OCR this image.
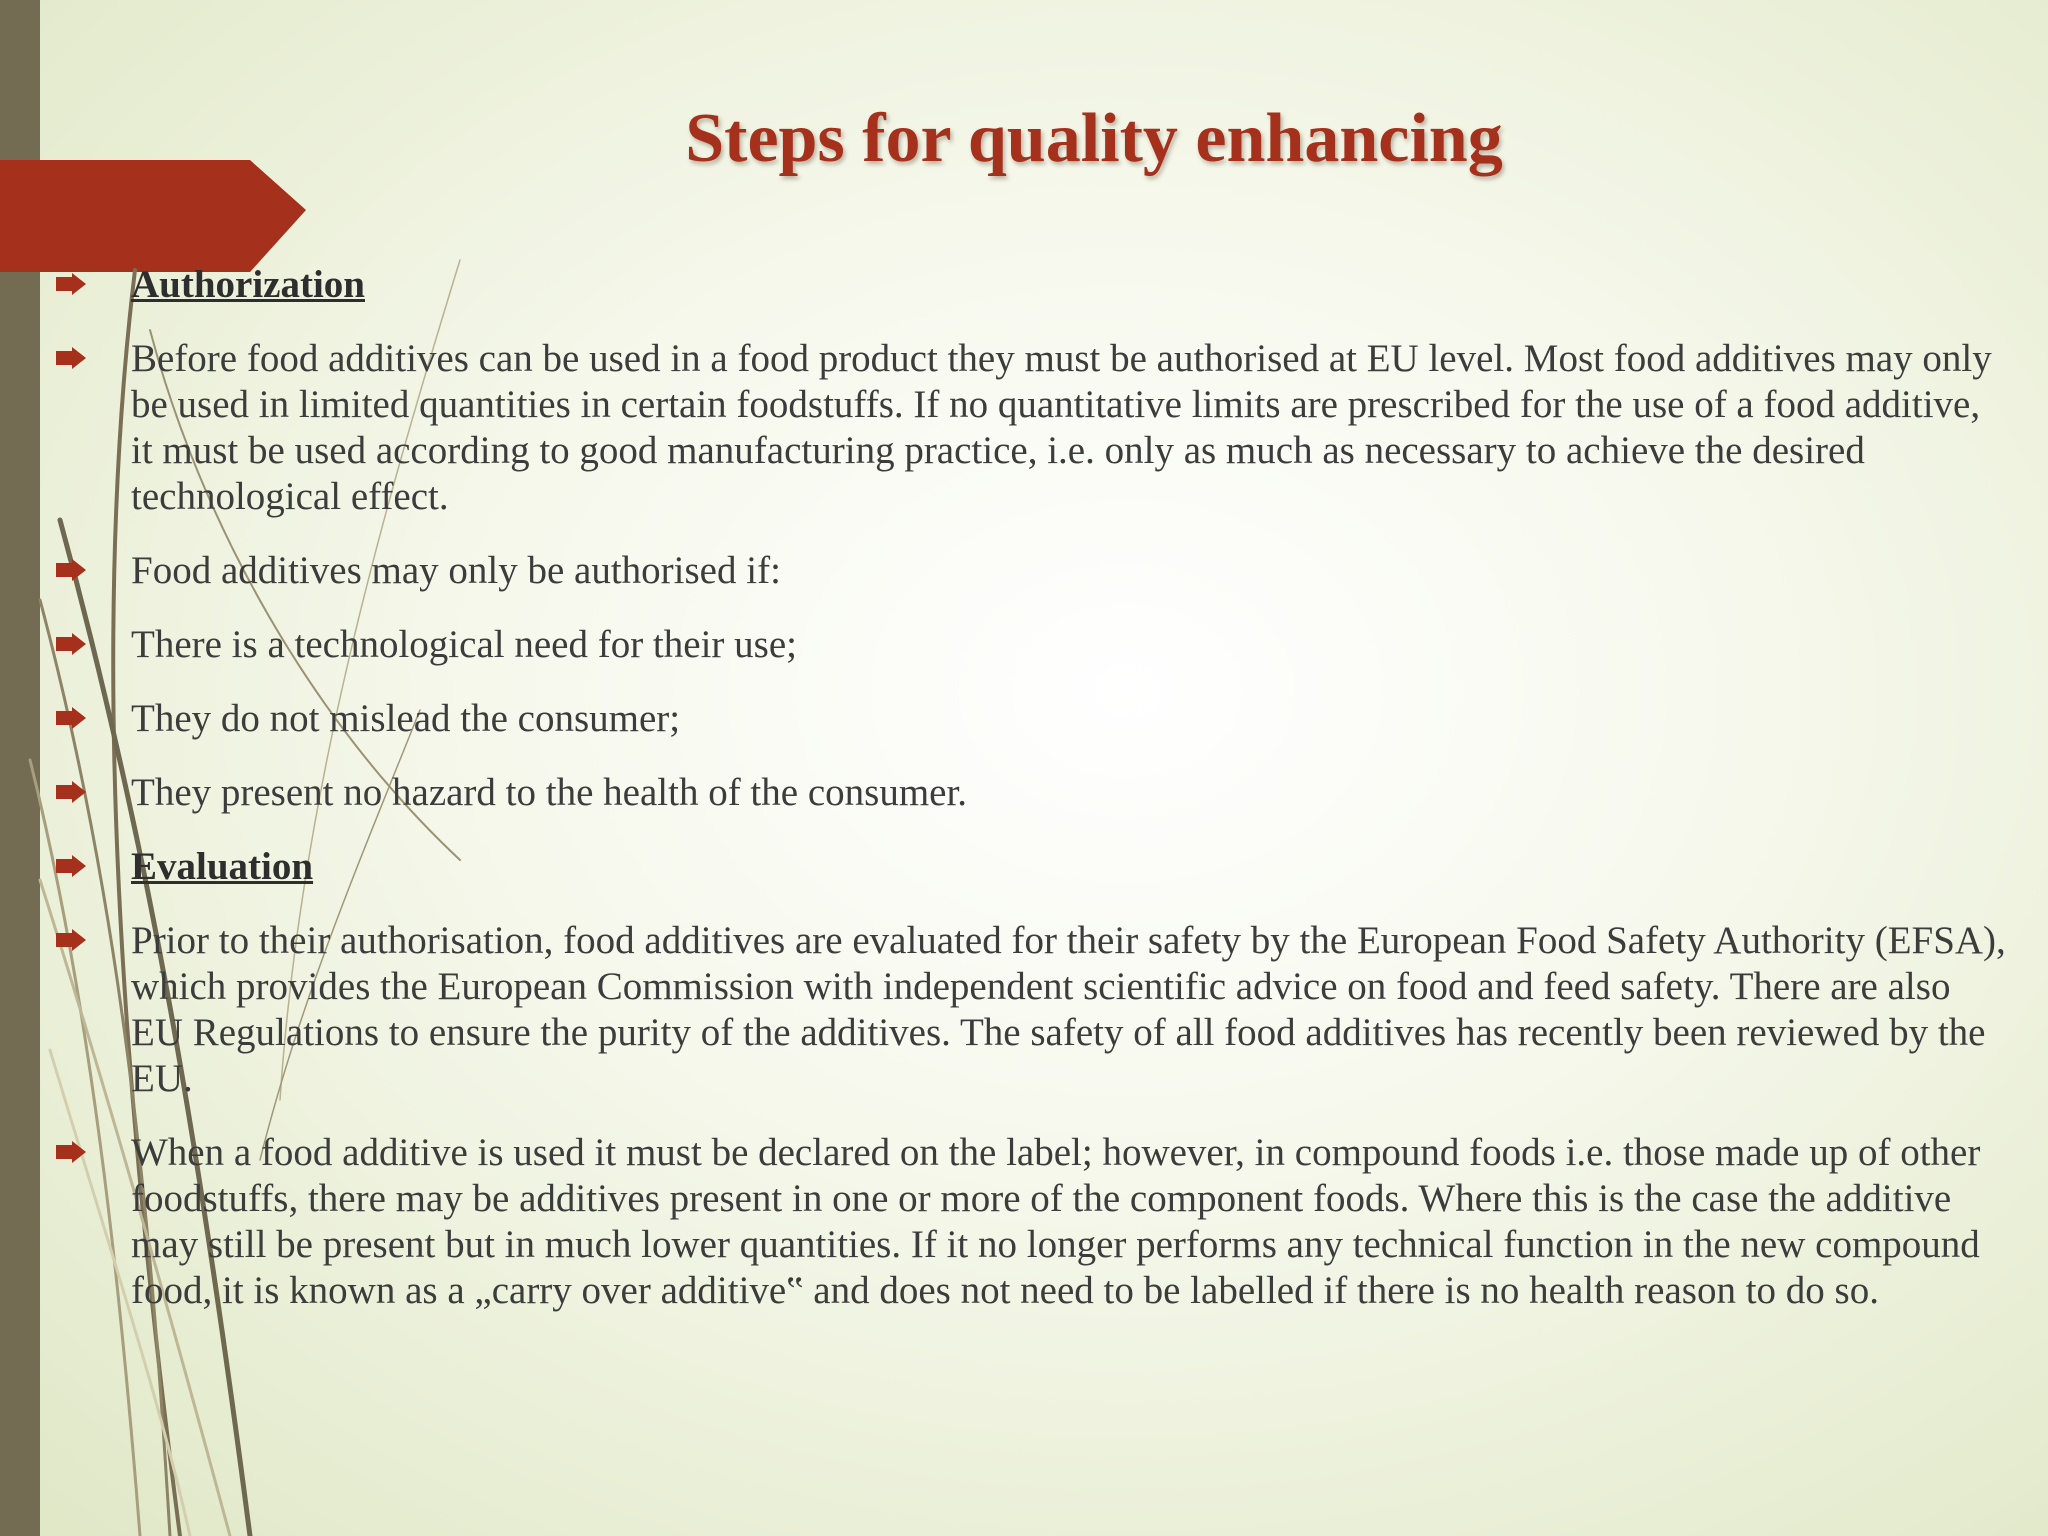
Steps for quality enhancing
Authorization
Before food additives can be used in a food product they must be authorised at EU level. Most food additives may only be used in limited quantities in certain foodstuffs. If no quantitative limits are prescribed for the use of a food additive, it must be used according to good manufacturing practice, i.e. only as much as necessary to achieve the desired technological effect.
Food additives may only be authorised if:
There is a technological need for their use;
They do not mislead the consumer;
They present no hazard to the health of the consumer.
Evaluation
Prior to their authorisation, food additives are evaluated for their safety by the European Food Safety Authority (EFSA), which provides the European Commission with independent scientific advice on food and feed safety. There are also EU Regulations to ensure the purity of the additives. The safety of all food additives has recently been reviewed by the EU.
When a food additive is used it must be declared on the label; however, in compound foods i.e. those made up of other foodstuffs, there may be additives present in one or more of the component foods. Where this is the case the additive may still be present but in much lower quantities. If it no longer performs any technical function in the new compound food, it is known as a „carry over additive‟ and does not need to be labelled if there is no health reason to do so.
